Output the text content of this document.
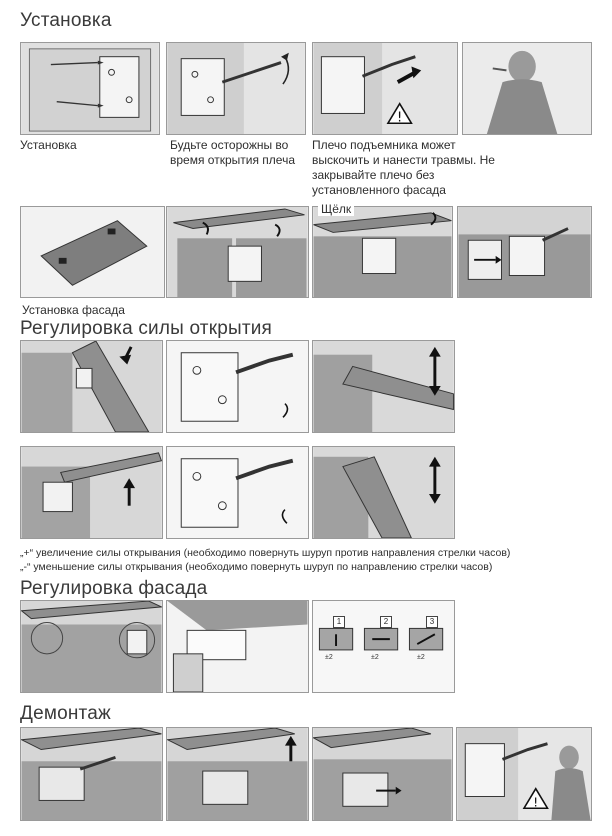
Установка
Установка	Будьте осторожны во время открытия плеча
!
Плечо подъемника может выскочить и нанести травмы. Не закрывайте плечо без установленного фасада
Установка фасада
Щёлк
Регулировка силы открытия
„+“ увеличение силы открывания (необходимо повернуть шуруп против направления стрелки часов)
„-“ уменьшение силы открывания (необходимо повернуть шуруп по направлению стрелки часов)
Регулировка фасада
1	2	3
±2	±2	±2
Демонтаж
!
